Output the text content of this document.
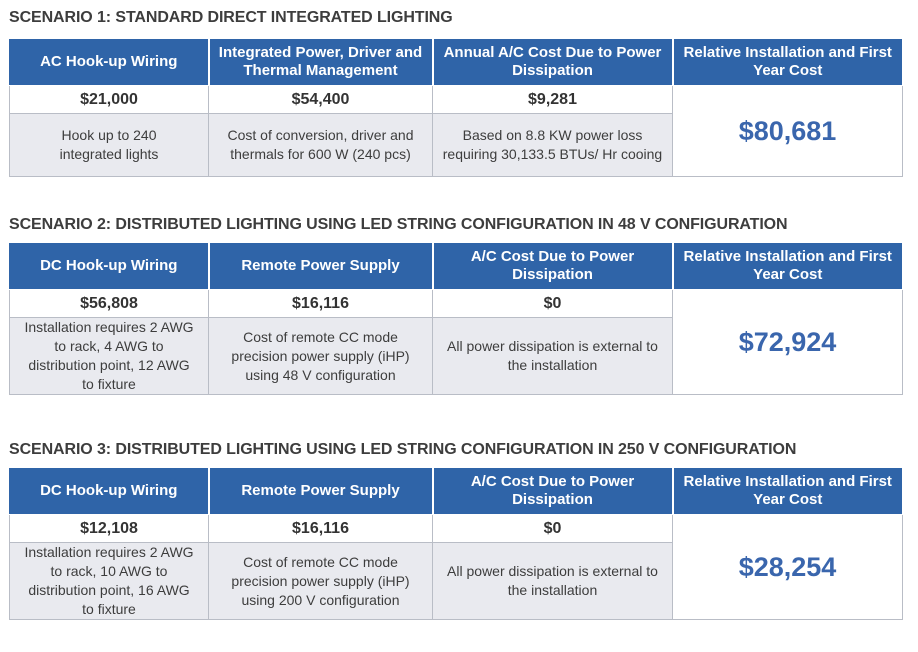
SCENARIO 1: STANDARD DIRECT INTEGRATED LIGHTING
AC Hook-up Wiring	Integrated Power, Driver and Thermal Management	Annual A/C Cost Due to Power Dissipation	Relative Installation and First Year Cost
$21,000	$54,400	$9,281	$80,681
Hook up to 240 integrated lights	Cost of conversion, driver and thermals for 600 W (240 pcs)	Based on 8.8 KW power loss requiring 30,133.5 BTUs/ Hr cooing	
SCENARIO 2: DISTRIBUTED LIGHTING USING LED STRING CONFIGURATION IN 48 V CONFIGURATION
DC Hook-up Wiring	Remote Power Supply	A/C Cost Due to Power Dissipation	Relative Installation and First Year Cost
$56,808	$16,116	$0	$72,924
Installation requires 2 AWG to rack, 4 AWG to distribution point, 12 AWG to fixture	Cost of remote CC mode precision power supply (iHP) using 48 V configuration	All power dissipation is external to the installation	
SCENARIO 3: DISTRIBUTED LIGHTING USING LED STRING CONFIGURATION IN 250 V CONFIGURATION
DC Hook-up Wiring	Remote Power Supply	A/C Cost Due to Power Dissipation	Relative Installation and First Year Cost
$12,108	$16,116	$0	$28,254
Installation requires 2 AWG to rack, 10 AWG to distribution point, 16 AWG to fixture	Cost of remote CC mode precision power supply (iHP) using 200 V configuration	All power dissipation is external to the installation	
